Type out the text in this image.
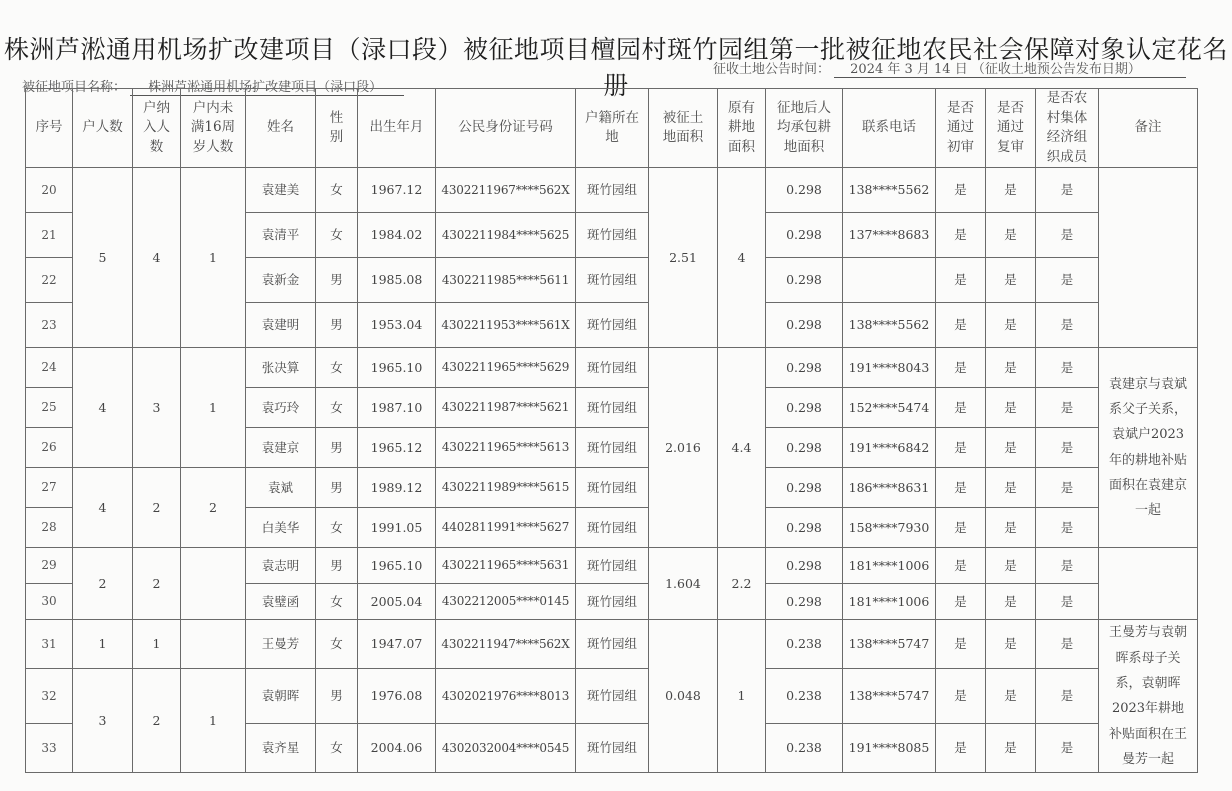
株洲芦淞通用机场扩改建项目（渌口段）被征地项目檀园村斑竹园组第一批被征地农民社会保障对象认定花名册
被征地项目名称： 株洲芦淞通用机场扩改建项目（渌口段）
征收土地公告时间： 2024 年 3 月 14 日 （征收土地预公告发布日期）
序号	户人数	户纳入人数	户内未满16周岁人数	姓名	性别	出生年月	公民身份证号码	户籍所在地	被征土地面积	原有耕地面积	征地后人均承包耕地面积	联系电话	是否通过初审	是否通过复审	是否农村集体经济组织成员	备注
20	5	4	1	袁建美	女	1967.12	4302211967****562X	斑竹园组	2.51	4	0.298	138****5562	是	是	是	
21				袁清平	女	1984.02	4302211984****5625	斑竹园组			0.298	137****8683	是	是	是	
22				袁新金	男	1985.08	4302211985****5611	斑竹园组			0.298		是	是	是	
23				袁建明	男	1953.04	4302211953****561X	斑竹园组			0.298	138****5562	是	是	是	
24	4	3	1	张决算	女	1965.10	4302211965****5629	斑竹园组	2.016	4.4	0.298	191****8043	是	是	是	袁建京与袁斌系父子关系，袁斌户2023年的耕地补贴面积在袁建京一起
25				袁巧玲	女	1987.10	4302211987****5621	斑竹园组			0.298	152****5474	是	是	是	
26				袁建京	男	1965.12	4302211965****5613	斑竹园组			0.298	191****6842	是	是	是	
27	4	2	2	袁斌	男	1989.12	4302211989****5615	斑竹园组			0.298	186****8631	是	是	是	
28				白美华	女	1991.05	4402811991****5627	斑竹园组			0.298	158****7930	是	是	是	
29	2	2		袁志明	男	1965.10	4302211965****5631	斑竹园组	1.604	2.2	0.298	181****1006	是	是	是	
30				袁璧函	女	2005.04	4302212005****0145	斑竹园组			0.298	181****1006	是	是	是	
31	1	1		王曼芳	女	1947.07	4302211947****562X	斑竹园组	0.048	1	0.238	138****5747	是	是	是	王曼芳与袁朝晖系母子关系，袁朝晖2023年耕地补贴面积在王曼芳一起
32	3	2	1	袁朝晖	男	1976.08	4302021976****8013	斑竹园组			0.238	138****5747	是	是	是	
33				袁齐星	女	2004.06	4302032004****0545	斑竹园组			0.238	191****8085	是	是	是	
